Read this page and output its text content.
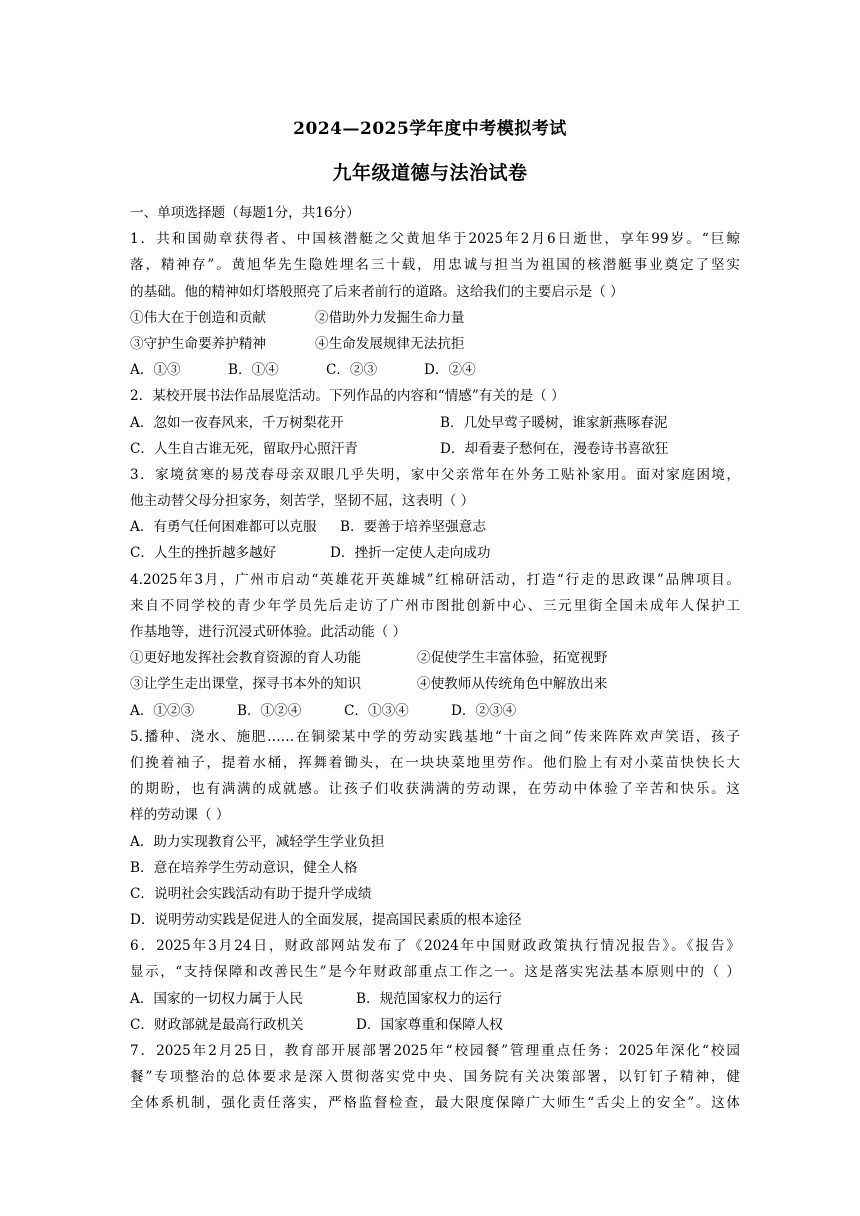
2024—2025学年度中考模拟考试
九年级道德与法治试卷
一、单项选择题（每题1分，共16分）
1．共和国勋章获得者、中国核潜艇之父黄旭华于2025年2月6日逝世，享年99岁。“巨鲸
落，精神存”。黄旭华先生隐姓埋名三十载，用忠诚与担当为祖国的核潜艇事业奠定了坚实
的基础。他的精神如灯塔般照亮了后来者前行的道路。这给我们的主要启示是（ ）
①伟大在于创造和贡献	②借助外力发掘生命力量
③守护生命要养护精神	④生命发展规律无法抗拒
A．①③	B．①④	C．②③	D．②④
2．某校开展书法作品展览活动。下列作品的内容和“情感”有关的是（ ）
A．忽如一夜春风来，千万树梨花开	B．几处早莺子暖树，谁家新燕啄春泥
C．人生自古谁无死，留取丹心照汗青	D．却看妻子愁何在，漫卷诗书喜欲狂
3．家境贫寒的易茂春母亲双眼几乎失明，家中父亲常年在外务工贴补家用。面对家庭困境，
他主动替父母分担家务，刻苦学，坚韧不屈，这表明（ ）
A．有勇气任何困难都可以克服	B．要善于培养坚强意志
C．人生的挫折越多越好	D．挫折一定使人走向成功
4.2025年3月，广州市启动“英雄花开英雄城”红棉研活动，打造“行走的思政课”品牌项目。
来自不同学校的青少年学员先后走访了广州市图批创新中心、三元里街全国未成年人保护工
作基地等，进行沉浸式研体验。此活动能（ ）
①更好地发挥社会教育资源的育人功能	②促使学生丰富体验，拓宽视野
③让学生走出课堂，探寻书本外的知识	④使教师从传统角色中解放出来
A．①②③	B．①②④	C．①③④	D．②③④
5.播种、浇水、施肥……在铜梁某中学的劳动实践基地“十亩之间”传来阵阵欢声笑语，孩子
们挽着袖子，提着水桶，挥舞着锄头，在一块块菜地里劳作。他们脸上有对小菜苗快快长大
的期盼，也有满满的成就感。让孩子们收获满满的劳动课，在劳动中体验了辛苦和快乐。这
样的劳动课（ ）
A．助力实现教育公平，减轻学生学业负担
B．意在培养学生劳动意识，健全人格
C．说明社会实践活动有助于提升学成绩
D．说明劳动实践是促进人的全面发展，提高国民素质的根本途径
6．2025年3月24日，财政部网站发布了《2024年中国财政政策执行情况报告》。《报告》
显示，“支持保障和改善民生”是今年财政部重点工作之一。这是落实宪法基本原则中的（ ）
A．国家的一切权力属于人民	B．规范国家权力的运行
C．财政部就是最高行政机关	D．国家尊重和保障人权
7．2025年2月25日，教育部开展部署2025年“校园餐”管理重点任务：2025年深化“校园
餐”专项整治的总体要求是深入贯彻落实党中央、国务院有关决策部署，以钉钉子精神，健
全体系机制，强化责任落实，严格监督检查，最大限度保障广大师生“舌尖上的安全”。这体
